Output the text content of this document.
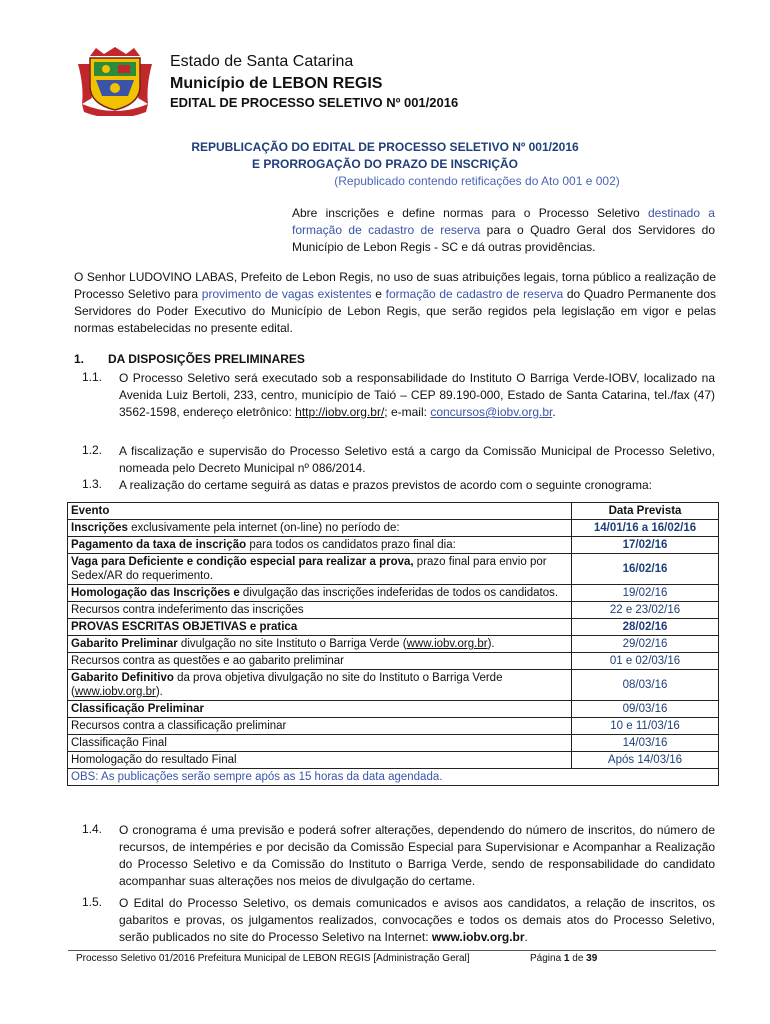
Estado de Santa Catarina
Município de LEBON REGIS
EDITAL DE PROCESSO SELETIVO Nº 001/2016
REPUBLICAÇÃO DO EDITAL DE PROCESSO SELETIVO Nº 001/2016
E PRORROGAÇÃO DO PRAZO DE INSCRIÇÃO
(Republicado contendo retificações do Ato 001 e 002)

Abre inscrições e define normas para o Processo Seletivo destinado a formação de cadastro de reserva para o Quadro Geral dos Servidores do Município de Lebon Regis - SC e dá outras providências.

O Senhor LUDOVINO LABAS, Prefeito de Lebon Regis, no uso de suas atribuições legais, torna público a realização de Processo Seletivo para provimento de vagas existentes e formação de cadastro de reserva do Quadro Permanente dos Servidores do Poder Executivo do Município de Lebon Regis, que serão regidos pela legislação em vigor e pelas normas estabelecidas no presente edital.

1. DA DISPOSIÇÕES PRELIMINARES
1.1. O Processo Seletivo será executado sob a responsabilidade do Instituto O Barriga Verde-IOBV, localizado na Avenida Luiz Bertoli, 233, centro, município de Taió – CEP 89.190-000, Estado de Santa Catarina, tel./fax (47) 3562-1598, endereço eletrônico: http://iobv.org.br/; e-mail: concursos@iobv.org.br.

1.2. A fiscalização e supervisão do Processo Seletivo está a cargo da Comissão Municipal de Processo Seletivo, nomeada pelo Decreto Municipal nº 086/2014.

1.3. A realização do certame seguirá as datas e prazos previstos de acordo com o seguinte cronograma:

Evento	Data Prevista
Inscrições exclusivamente pela internet (on-line) no período de:	14/01/16 a 16/02/16
Pagamento da taxa de inscrição para todos os candidatos prazo final dia:	17/02/16
Vaga para Deficiente e condição especial para realizar a prova, prazo final para envio por Sedex/AR do requerimento.	16/02/16
Homologação das Inscrições e divulgação das inscrições indeferidas de todos os candidatos.	19/02/16
Recursos contra indeferimento das inscrições	22 e 23/02/16
PROVAS ESCRITAS OBJETIVAS e pratica	28/02/16
Gabarito Preliminar divulgação no site Instituto o Barriga Verde (www.iobv.org.br).	29/02/16
Recursos contra as questões e ao gabarito preliminar	01 e 02/03/16
Gabarito Definitivo da prova objetiva divulgação no site do Instituto o Barriga Verde (www.iobv.org.br).	08/03/16
Classificação Preliminar	09/03/16
Recursos contra a classificação preliminar	10 e 11/03/16
Classificação Final	14/03/16
Homologação do resultado Final	Após 14/03/16
OBS: As publicações serão sempre após as 15 horas da data agendada.	
1.4. O cronograma é uma previsão e poderá sofrer alterações, dependendo do número de inscritos, do número de recursos, de intempéries e por decisão da Comissão Especial para Supervisionar e Acompanhar a Realização do Processo Seletivo e da Comissão do Instituto o Barriga Verde, sendo de responsabilidade do candidato acompanhar suas alterações nos meios de divulgação do certame.

1.5. O Edital do Processo Seletivo, os demais comunicados e avisos aos candidatos, a relação de inscritos, os gabaritos e provas, os julgamentos realizados, convocações e todos os demais atos do Processo Seletivo, serão publicados no site do Processo Seletivo na Internet: www.iobv.org.br.

Processo Seletivo 01/2016 Prefeitura Municipal de LEBON REGIS [Administração Geral]	Página 1 de 39
